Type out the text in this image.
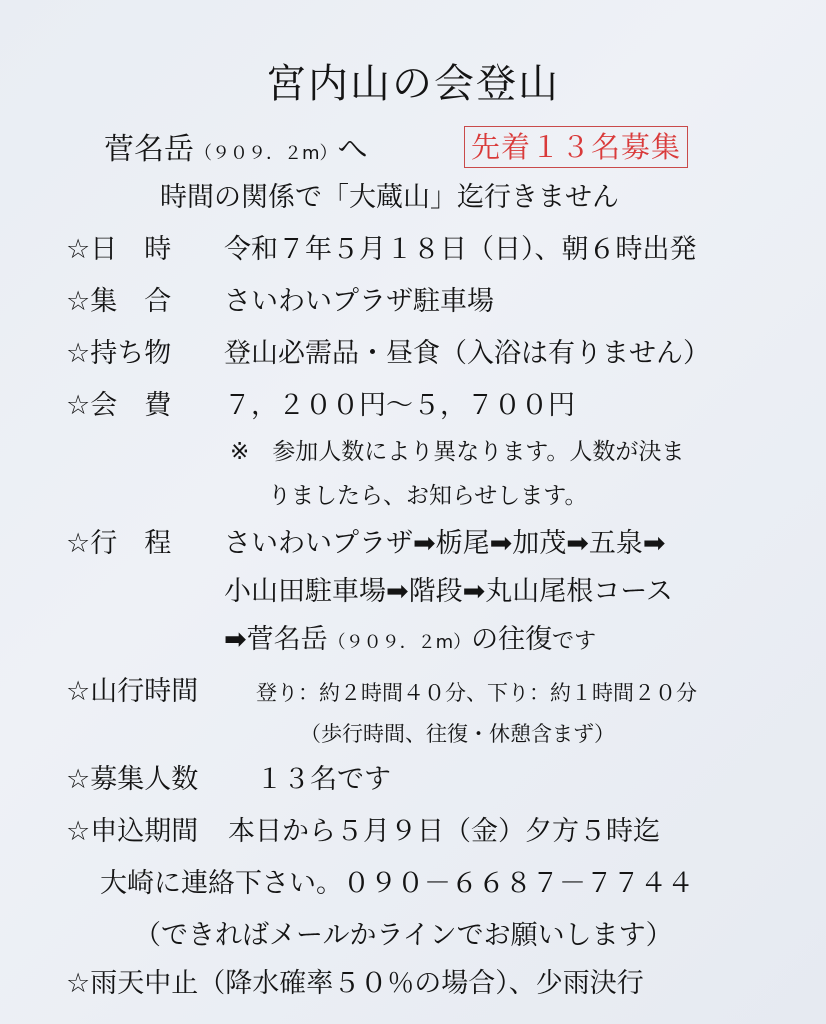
宮内山の会登山
菅名岳（９０９．２m）へ	先着１３名募集
時間の関係で「大蔵山」迄行きません
☆日　時 令和７年５月１８日（日）、朝６時出発
☆集　合 さいわいプラザ駐車場
☆持ち物 登山必需品・昼食（入浴は有りません）
☆会　費 ７，２００円～５，７００円
※　参加人数により異なります。人数が決ま
りましたら、お知らせします。
☆行　程 さいわいプラザ➡栃尾➡加茂➡五泉➡
小山田駐車場➡階段➡丸山尾根コース
➡菅名岳（９０９．２m）の往復です
☆山行時間	登り：約２時間４０分、下り：約１時間２０分
（歩行時間、往復・休憩含まず）
☆募集人数 １３名です
☆申込期間 本日から５月９日（金）夕方５時迄
大崎に連絡下さい。０９０－６６８７－７７４４
（できればメールかラインでお願いします）
☆雨天中止（降水確率５０％の場合）、少雨決行
